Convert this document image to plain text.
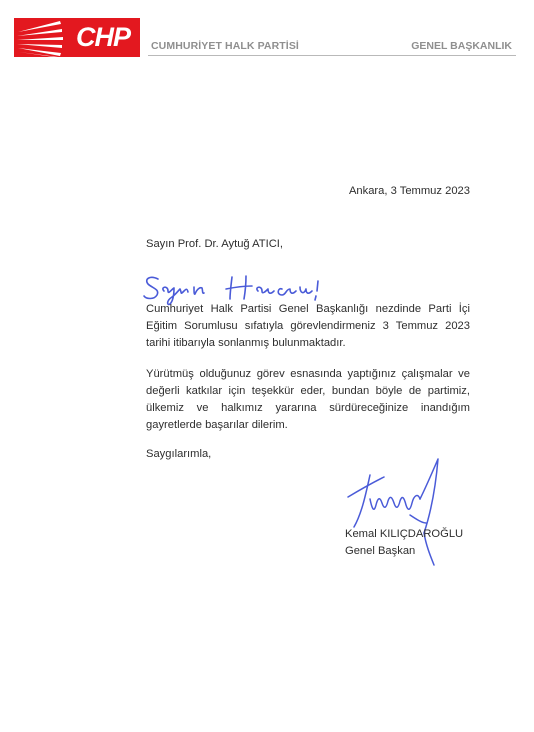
CHP	CUMHURİYET HALK PARTİSİ	GENEL BAŞKANLIK
Ankara, 3 Temmuz 2023
Sayın Prof. Dr. Aytuğ ATICI,
Cumhuriyet Halk Partisi Genel Başkanlığı nezdinde Parti İçi Eğitim Sorumlusu sıfatıyla görevlendirmeniz 3 Temmuz 2023 tarihi itibarıyla sonlanmış bulunmaktadır.
Yürütmüş olduğunuz görev esnasında yaptığınız çalışmalar ve değerli katkılar için teşekkür eder, bundan böyle de partimiz, ülkemiz ve halkımız yararına sürdüreceğinize inandığım gayretlerde başarılar dilerim.
Saygılarımla,
Kemal KILIÇDAROĞLU
Genel Başkan
